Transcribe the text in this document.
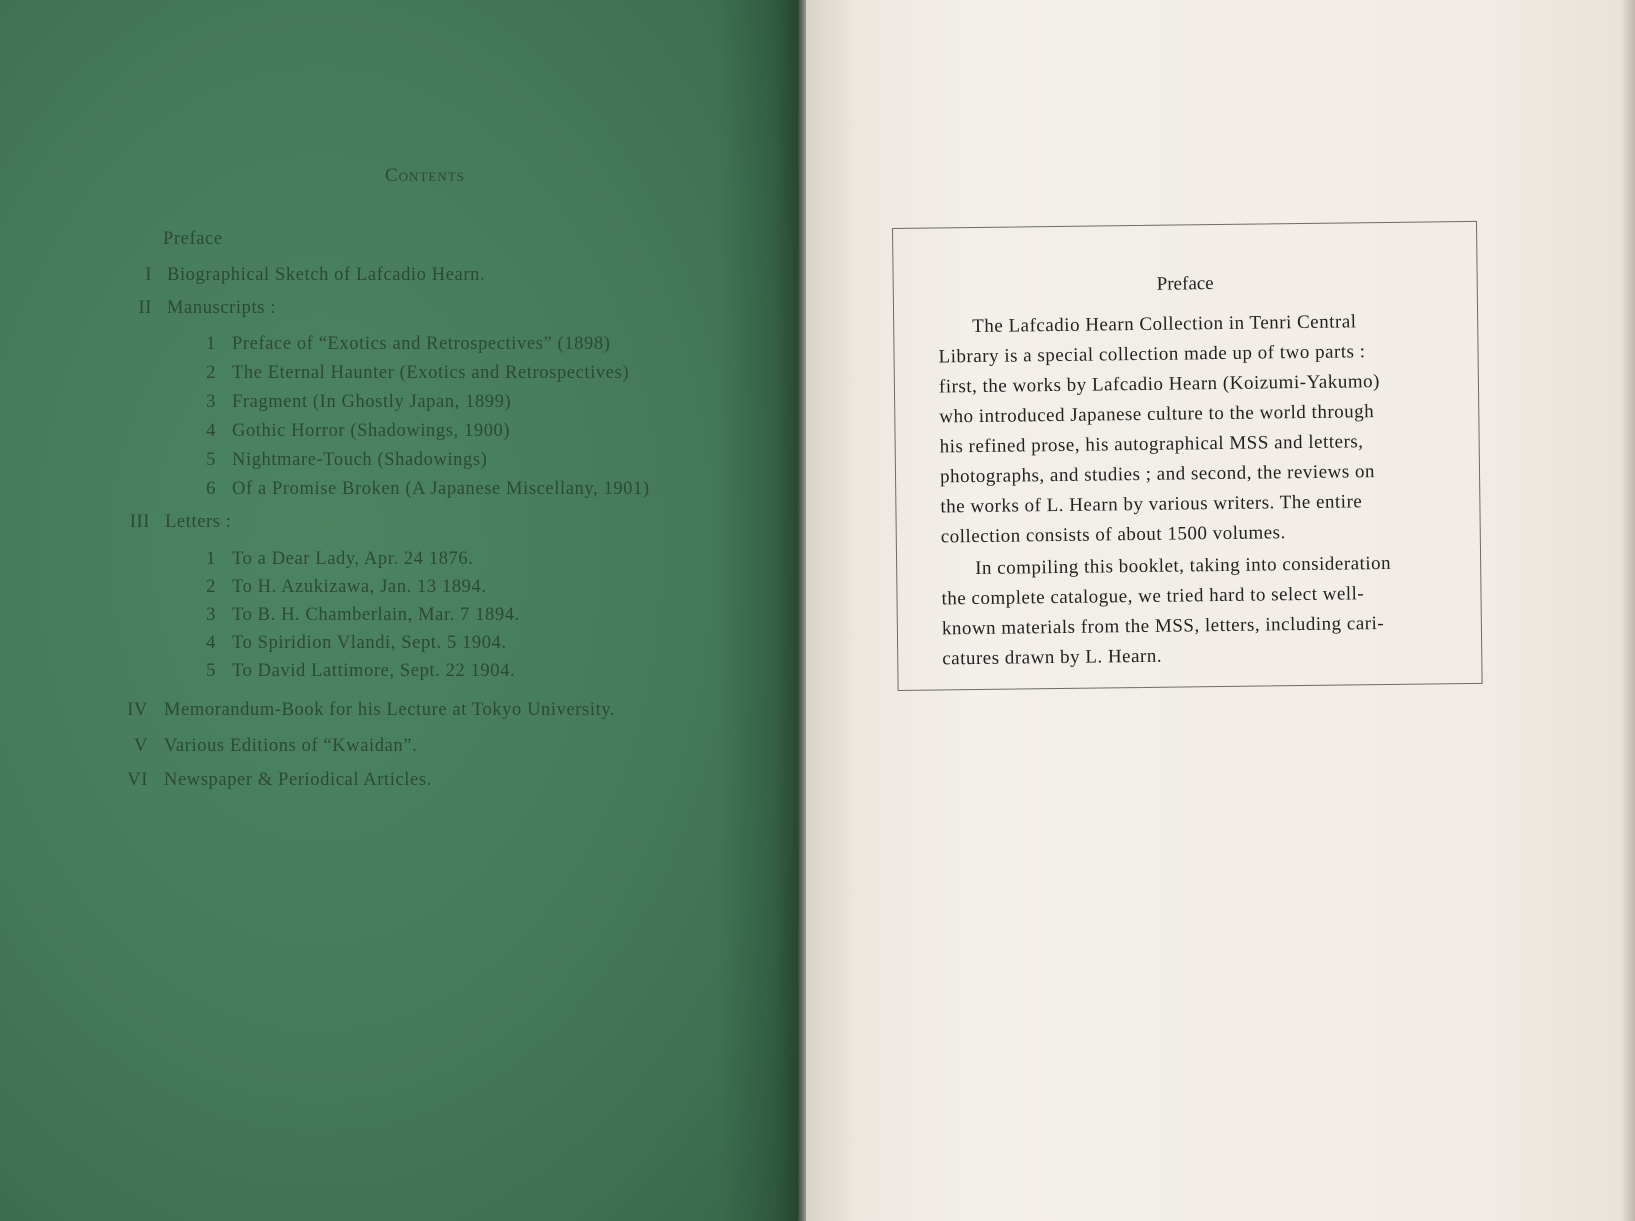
Contents
Preface
I Biographical Sketch of Lafcadio Hearn.
II Manuscripts :
1 Preface of “Exotics and Retrospectives” (1898)
2 The Eternal Haunter (Exotics and Retrospectives)
3 Fragment (In Ghostly Japan, 1899)
4 Gothic Horror (Shadowings, 1900)
5 Nightmare-Touch (Shadowings)
6 Of a Promise Broken (A Japanese Miscellany, 1901)
III Letters :
1 To a Dear Lady, Apr. 24 1876.
2 To H. Azukizawa, Jan. 13 1894.
3 To B. H. Chamberlain, Mar. 7 1894.
4 To Spiridion Vlandi, Sept. 5 1904.
5 To David Lattimore, Sept. 22 1904.
IV Memorandum-Book for his Lecture at Tokyo University.
V Various Editions of “Kwaidan”.
VI Newspaper & Periodical Articles.
Preface
The Lafcadio Hearn Collection in Tenri Central
Library is a special collection made up of two parts :
first, the works by Lafcadio Hearn (Koizumi-Yakumo)
who introduced Japanese culture to the world through
his refined prose, his autographical MSS and letters,
photographs, and studies ; and second, the reviews on
the works of L. Hearn by various writers. The entire
collection consists of about 1500 volumes.
In compiling this booklet, taking into consideration
the complete catalogue, we tried hard to select well-
known materials from the MSS, letters, including cari-
catures drawn by L. Hearn.
